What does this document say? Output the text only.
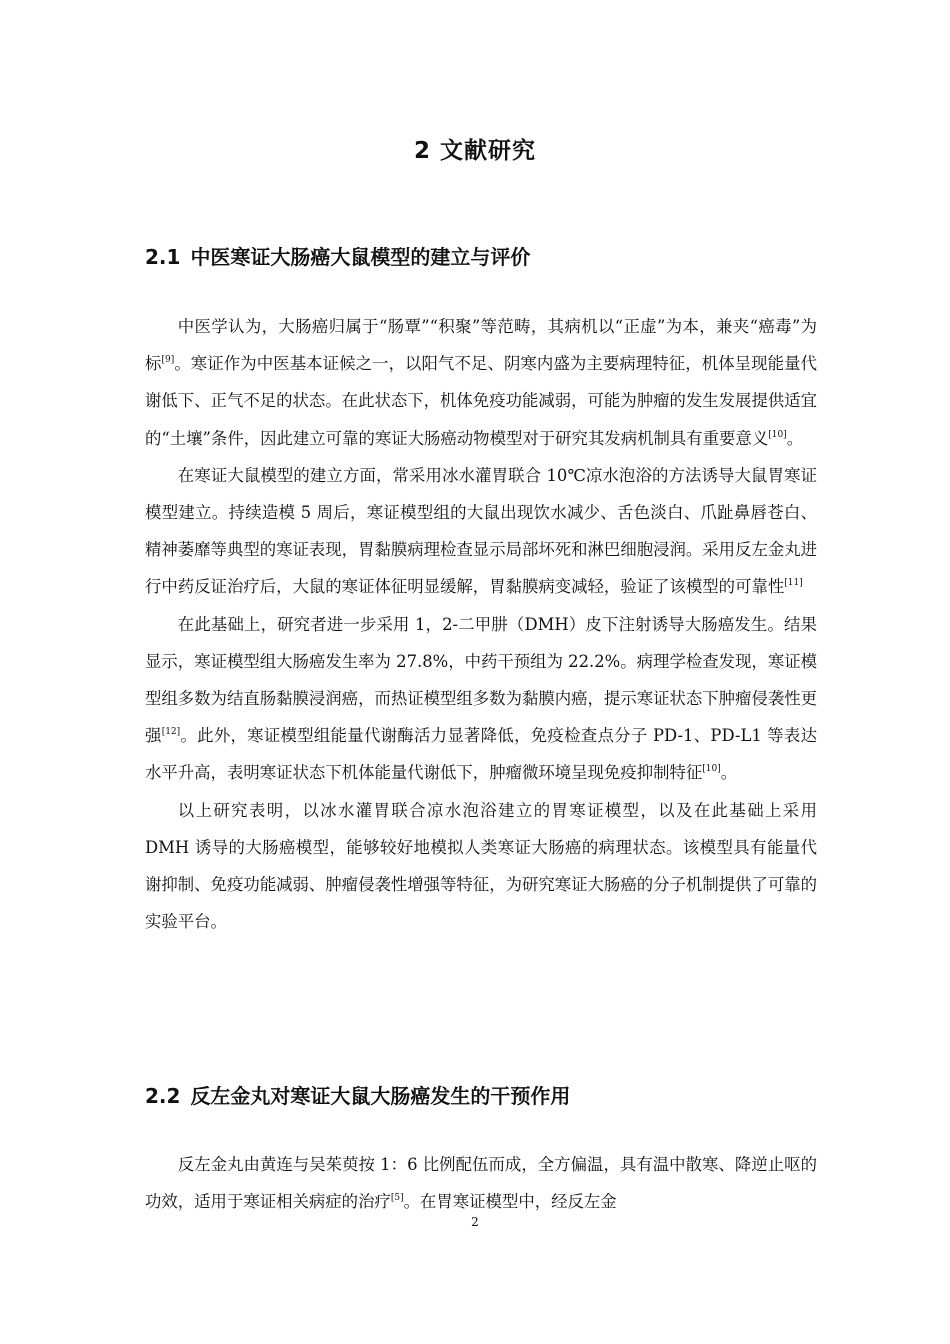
2 文献研究
2.1 中医寒证大肠癌大鼠模型的建立与评价

中医学认为，大肠癌归属于“肠覃”“积聚”等范畴，其病机以“正虚”为本，兼夹“癌毒”为标[9]。寒证作为中医基本证候之一，以阳气不足、阴寒内盛为主要病理特征，机体呈现能量代谢低下、正气不足的状态。在此状态下，机体免疫功能减弱，可能为肿瘤的发生发展提供适宜的“土壤”条件，因此建立可靠的寒证大肠癌动物模型对于研究其发病机制具有重要意义[10]。

在寒证大鼠模型的建立方面，常采用冰水灌胃联合 10℃凉水泡浴的方法诱导大鼠胃寒证模型建立。持续造模 5 周后，寒证模型组的大鼠出现饮水减少、舌色淡白、爪趾鼻唇苍白、精神萎靡等典型的寒证表现，胃黏膜病理检查显示局部坏死和淋巴细胞浸润。采用反左金丸进行中药反证治疗后，大鼠的寒证体征明显缓解，胃黏膜病变减轻，验证了该模型的可靠性[11]

在此基础上，研究者进一步采用 1，2-二甲肼（DMH）皮下注射诱导大肠癌发生。结果显示，寒证模型组大肠癌发生率为 27.8%，中药干预组为 22.2%。病理学检查发现，寒证模型组多数为结直肠黏膜浸润癌，而热证模型组多数为黏膜内癌，提示寒证状态下肿瘤侵袭性更强[12]。此外，寒证模型组能量代谢酶活力显著降低，免疫检查点分子 PD-1、PD-L1 等表达水平升高，表明寒证状态下机体能量代谢低下，肿瘤微环境呈现免疫抑制特征[10]。

以上研究表明，以冰水灌胃联合凉水泡浴建立的胃寒证模型，以及在此基础上采用 DMH 诱导的大肠癌模型，能够较好地模拟人类寒证大肠癌的病理状态。该模型具有能量代谢抑制、免疫功能减弱、肿瘤侵袭性增强等特征，为研究寒证大肠癌的分子机制提供了可靠的实验平台。

2.2 反左金丸对寒证大鼠大肠癌发生的干预作用

反左金丸由黄连与吴茱萸按 1：6 比例配伍而成，全方偏温，具有温中散寒、降逆止呕的功效，适用于寒证相关病症的治疗[5]。在胃寒证模型中，经反左金

2
